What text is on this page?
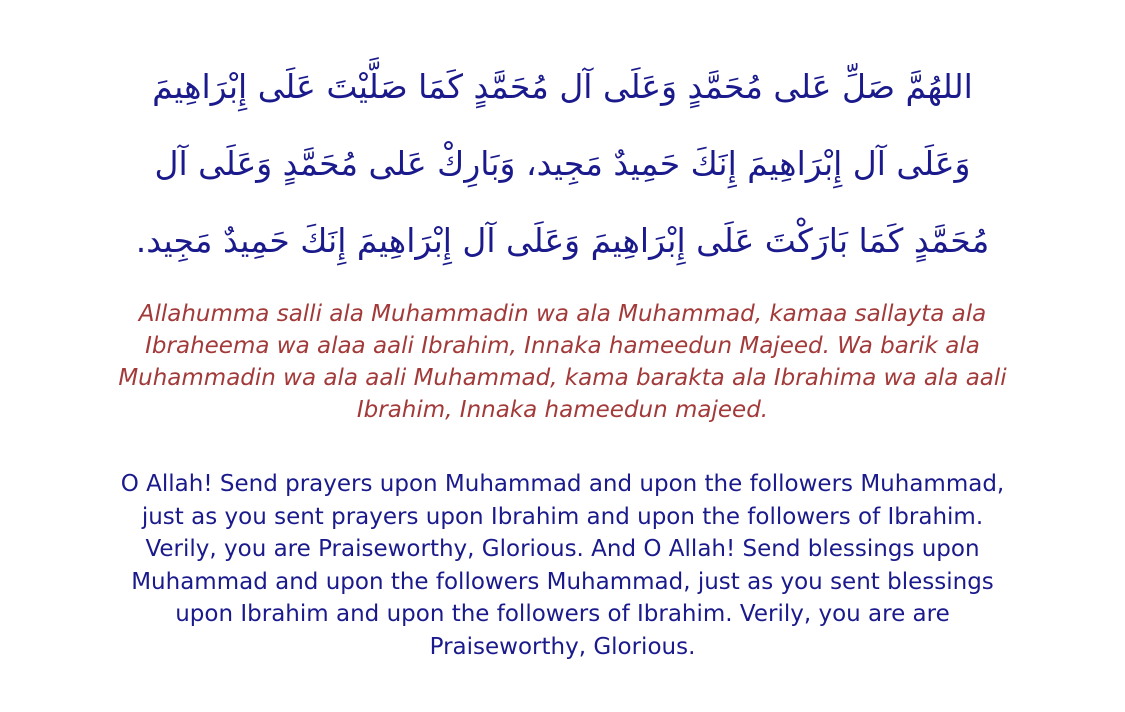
اللهُمَّ صَلِّ عَلى مُحَمَّدٍ وَعَلَى آل مُحَمَّدٍ كَمَا صَلَّيْتَ عَلَى إِبْرَاهِيمَ
وَعَلَى آل إِبْرَاهِيمَ إِنَكَ حَمِيدٌ مَجِيد، وَبَارِكْ عَلى مُحَمَّدٍ وَعَلَى آل
مُحَمَّدٍ كَمَا بَارَكْتَ عَلَى إِبْرَاهِيمَ وَعَلَى آل إِبْرَاهِيمَ إِنَكَ حَمِيدٌ مَجِيد.
Allahumma salli ala Muhammadin wa ala Muhammad, kamaa sallayta ala
Ibraheema wa alaa aali Ibrahim, Innaka hameedun Majeed. Wa barik ala
Muhammadin wa ala aali Muhammad, kama barakta ala Ibrahima wa ala aali
Ibrahim, Innaka hameedun majeed.
O Allah! Send prayers upon Muhammad and upon the followers Muhammad,
just as you sent prayers upon Ibrahim and upon the followers of Ibrahim.
Verily, you are Praiseworthy, Glorious. And O Allah! Send blessings upon
Muhammad and upon the followers Muhammad, just as you sent blessings
upon Ibrahim and upon the followers of Ibrahim. Verily, you are are
Praiseworthy, Glorious.
